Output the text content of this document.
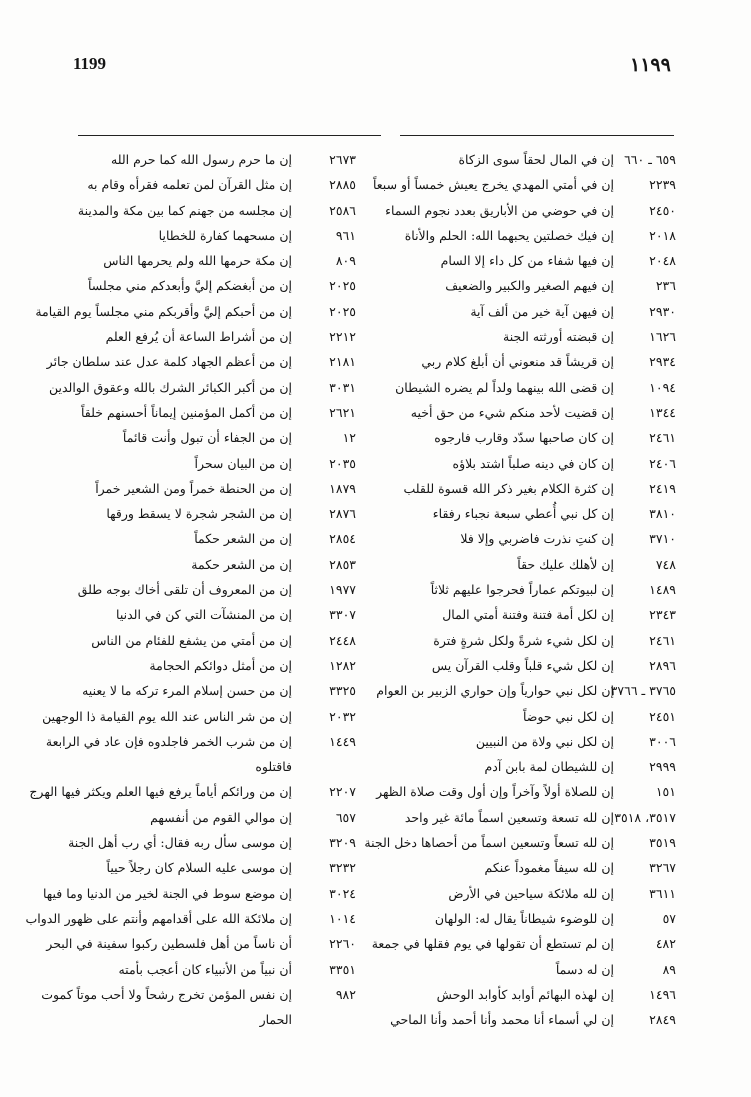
1199	١١٩٩
٢٦٧٣
إن ما حرم رسول الله كما حرم الله
٢٨٨٥
إن مثل القرآن لمن تعلمه فقرأه وقام به
٢٥٨٦
إن مجلسه من جهنم كما بين مكة والمدينة
٩٦١
إن مسحهما كفارة للخطايا
٨٠٩
إن مكة حرمها الله ولم يحرمها الناس
٢٠٢٥
إن من أبغضكم إليَّ وأبعدكم مني مجلساً
٢٠٢٥
إن من أحبكم إليَّ وأقربكم مني مجلساً يوم القيامة
٢٢١٢
إن من أشراط الساعة أن يُرفع العلم
٢١٨١
إن من أعظم الجهاد كلمة عدل عند سلطان جائر
٣٠٣١
إن من أكبر الكبائر الشرك بالله وعقوق الوالدين
٢٦٢١
إن من أكمل المؤمنين إيماناً أحسنهم خلقاً
١٢
إن من الجفاء أن تبول وأنت قائماً
٢٠٣٥
إن من البيان سحراً
١٨٧٩
إن من الحنطة خمراً ومن الشعير خمراً
٢٨٧٦
إن من الشجر شجرة لا يسقط ورقها
٢٨٥٤
إن من الشعر حكماً
٢٨٥٣
إن من الشعر حكمة
١٩٧٧
إن من المعروف أن تلقى أخاك بوجه طلق
٣٣٠٧
إن من المنشآت التي كن في الدنيا
٢٤٤٨
إن من أمتي من يشفع للفئام من الناس
١٢٨٢
إن من أمثل دوائكم الحجامة
٣٣٢٥
إن من حسن إسلام المرء تركه ما لا يعنيه
٢٠٣٢
إن من شر الناس عند الله يوم القيامة ذا الوجهين
١٤٤٩
إن من شرب الخمر فاجلدوه فإن عاد في الرابعة فاقتلوه
٢٢٠٧
إن من ورائكم أياماً يرفع فيها العلم ويكثر فيها الهرج
٦٥٧
إن موالي القوم من أنفسهم
٣٢٠٩
إن موسى سأل ربه فقال: أي رب أهل الجنة
٣٢٣٢
إن موسى عليه السلام كان رجلاً حيياً
٣٠٢٤
إن موضع سوط في الجنة لخير من الدنيا وما فيها
١٠١٤
إن ملائكة الله على أقدامهم وأنتم على ظهور الدواب
٢٢٦٠
أن ناساً من أهل فلسطين ركبوا سفينة في البحر
٣٣٥١
أن نبياً من الأنبياء كان أعجب بأمته
٩٨٢
إن نفس المؤمن تخرج رشحاً ولا أحب موتاً كموت الحمار
٦٥٩ ـ ٦٦٠
إن في المال لحقاً سوى الزكاة
٢٢٣٩
إن في أمتي المهدي يخرج يعيش خمساً أو سبعاً
٢٤٥٠
إن في حوضي من الأباريق بعدد نجوم السماء
٢٠١٨
إن فيك خصلتين يحبهما الله: الحلم والأناة
٢٠٤٨
إن فيها شفاء من كل داء إلا السام
٢٣٦
إن فيهم الصغير والكبير والضعيف
٢٩٣٠
إن فيهن آية خير من ألف آية
١٦٢٦
إن قبضته أورثته الجنة
٢٩٣٤
إن قريشاً قد منعوني أن أبلغ كلام ربي
١٠٩٤
إن قضى الله بينهما ولداً لم يضره الشيطان
١٣٤٤
إن قضيت لأحد منكم شيء من حق أخيه
٢٤٦١
إن كان صاحبها سدّد وقارب فارجوه
٢٤٠٦
إن كان في دينه صلباً اشتد بلاؤه
٢٤١٩
إن كثرة الكلام بغير ذكر الله قسوة للقلب
٣٨١٠
إن كل نبي أُعطي سبعة نجباء رفقاء
٣٧١٠
إن كنتِ نذرت فاضربي وإلا فلا
٧٤٨
إن لأهلك عليك حقاً
١٤٨٩
إن لبيوتكم عماراً فحرجوا عليهم ثلاثاً
٢٣٤٣
إن لكل أمة فتنة وفتنة أمتي المال
٢٤٦١
إن لكل شيء شرةً ولكل شرةٍ فترة
٢٨٩٦
إن لكل شيء قلباً وقلب القرآن يس
٣٧٦٥ ـ ٣٧٦٦
إن لكل نبي حوارياً وإن حواري الزبير بن العوام
٢٤٥١
إن لكل نبي حوضاً
٣٠٠٦
إن لكل نبي ولاة من النبيين
٢٩٩٩
إن للشيطان لمة بابن آدم
١٥١
إن للصلاة أولاً وآخراً وإن أول وقت صلاة الظهر
٣٥١٧، ٣٥١٨
إن لله تسعة وتسعين اسماً مائة غير واحد
٣٥١٩
إن لله تسعاً وتسعين اسماً من أحصاها دخل الجنة
٣٢٦٧
إن لله سيفاً مغموداً عنكم
٣٦١١
إن لله ملائكة سياحين في الأرض
٥٧
إن للوضوء شيطاناً يقال له: الولهان
٤٨٢
إن لم تستطع أن تقولها في يوم فقلها في جمعة
٨٩
إن له دسماً
١٤٩٦
إن لهذه البهائم أوابد كأوابد الوحش
٢٨٤٩
إن لي أسماء أنا محمد وأنا أحمد وأنا الماحي
